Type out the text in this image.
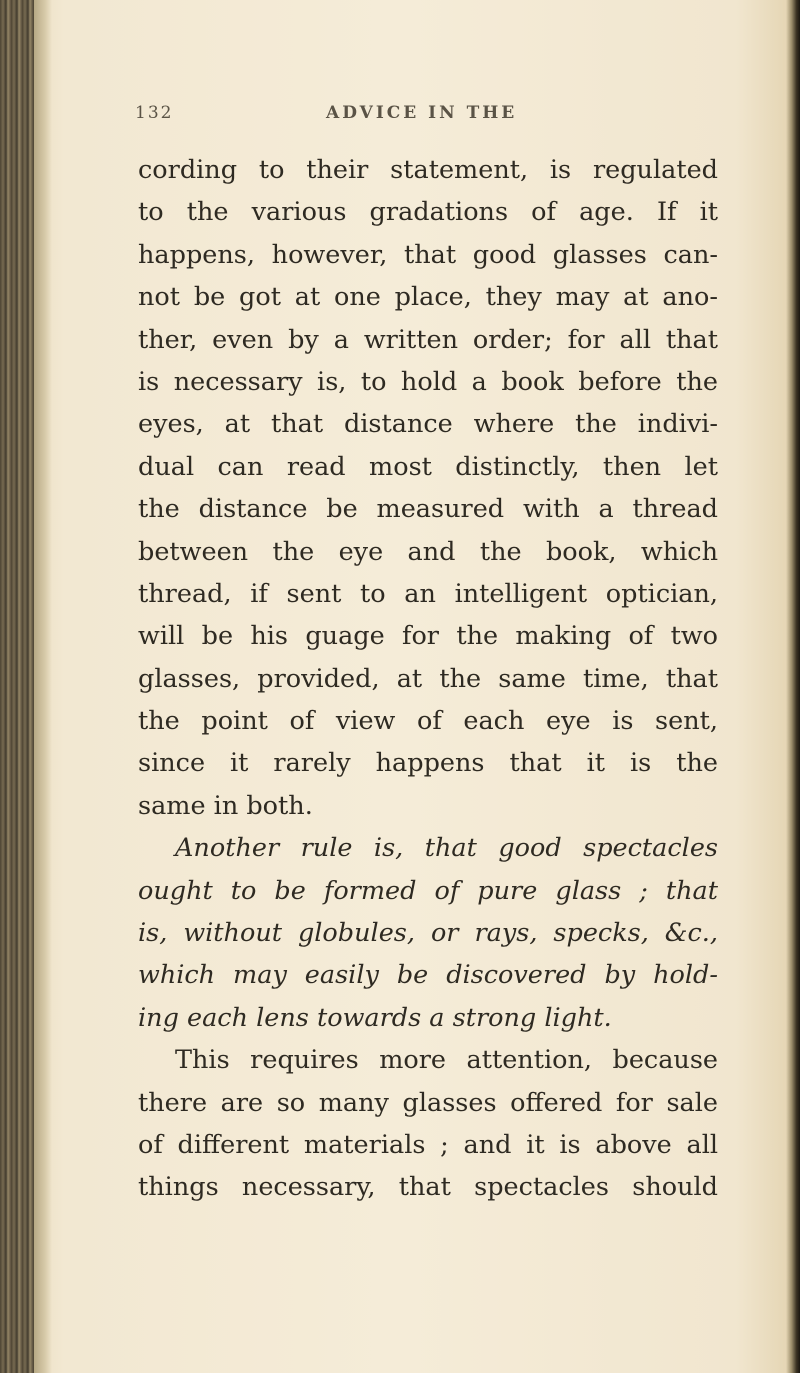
132	ADVICE IN THE
cording to their statement, is regulated
to the various gradations of age. If it
happens, however, that good glasses can-
not be got at one place, they may at ano-
ther, even by a written order; for all that
is necessary is, to hold a book before the
eyes, at that distance where the indivi-
dual can read most distinctly, then let
the distance be measured with a thread
between the eye and the book, which
thread, if sent to an intelligent optician,
will be his guage for the making of two
glasses, provided, at the same time, that
the point of view of each eye is sent,
since it rarely happens that it is the
same in both.
Another rule is, that good spectacles
ought to be formed of pure glass ; that
is, without globules, or rays, specks, &c.,
which may easily be discovered by hold-
ing each lens towards a strong light.
This requires more attention, because
there are so many glasses offered for sale
of different materials ; and it is above all
things necessary, that spectacles should
